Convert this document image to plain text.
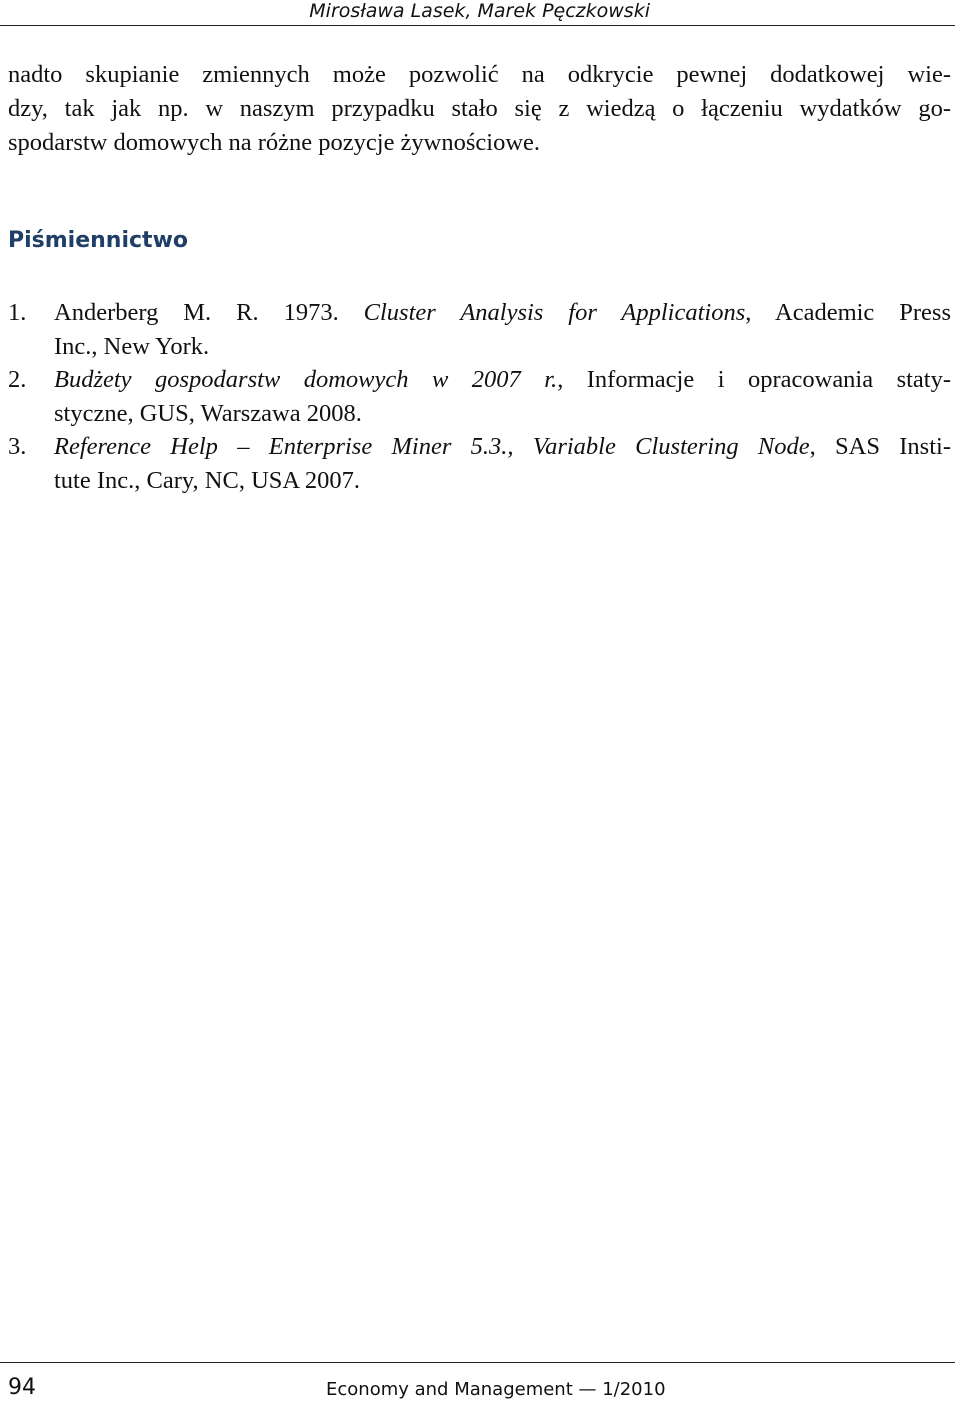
Mirosława Lasek, Marek Pęczkowski
nadto skupianie zmiennych może pozwolić na odkrycie pewnej dodatkowej wie-
dzy, tak jak np. w naszym przypadku stało się z wiedzą o łączeniu wydatków go-
spodarstw domowych na różne pozycje żywnościowe.
Piśmiennictwo
1. Anderberg M. R. 1973. Cluster Analysis for Applications, Academic Press
Inc., New York.
2. Budżety gospodarstw domowych w 2007 r., Informacje i opracowania staty-
styczne, GUS, Warszawa 2008.
3. Reference Help – Enterprise Miner 5.3., Variable Clustering Node, SAS Insti-
tute Inc., Cary, NC, USA 2007.
94	Economy and Management — 1/2010
